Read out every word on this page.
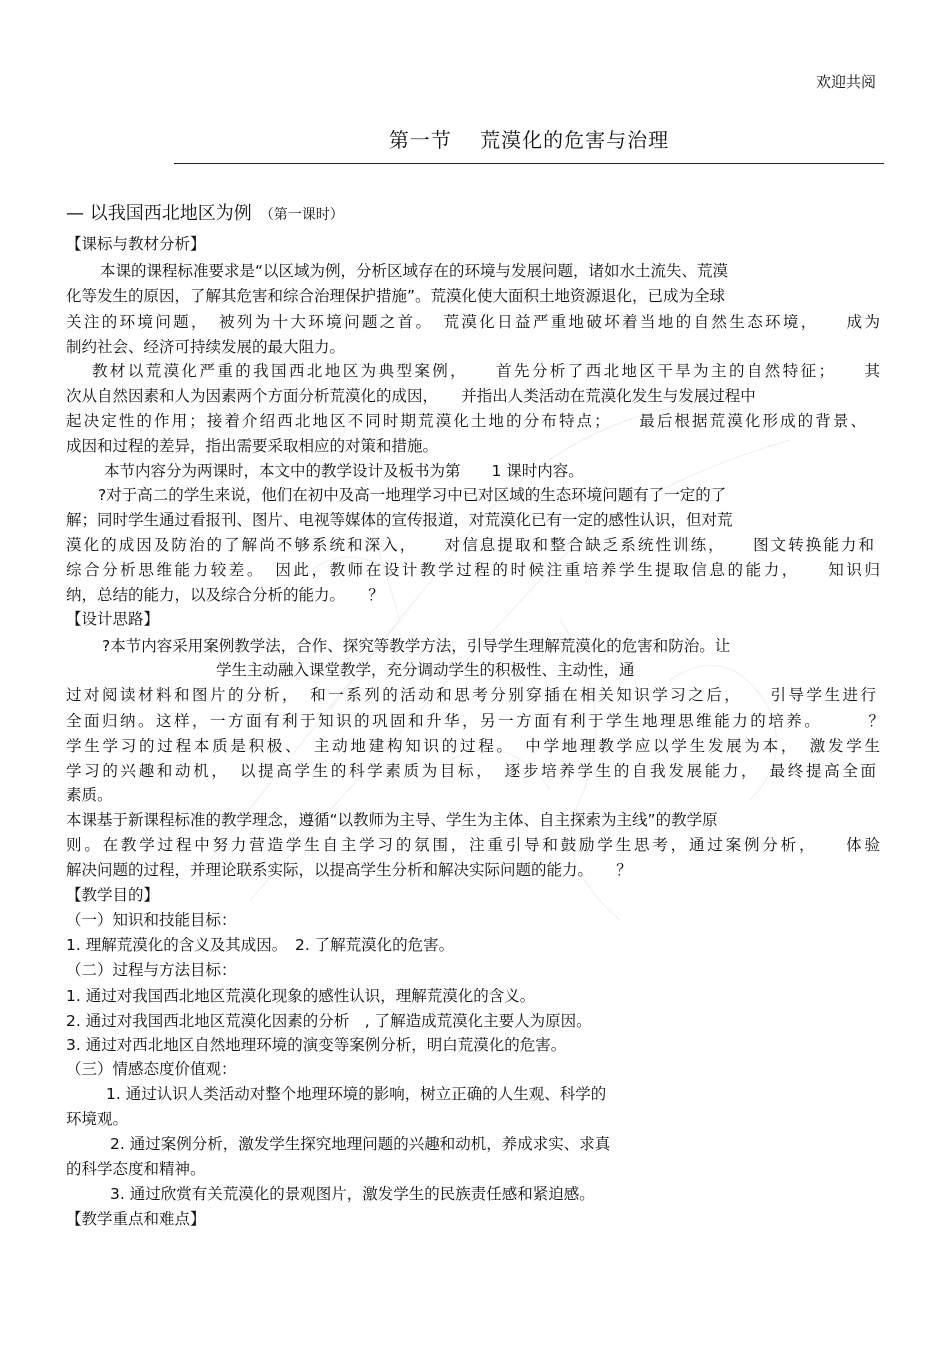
欢迎共阅
第一节　 荒漠化的危害与治理
— 以我国西北地区为例 （第一课时）
【课标与教材分析】
本课的课程标准要求是“以区域为例，分析区域存在的环境与发展问题，诸如水土流失、荒漠
化等发生的原因，了解其危害和综合治理保护措施”。荒漠化使大面积土地资源退化，已成为全球
关注的环境问题，　被列为十大环境问题之首。　荒漠化日益严重地破坏着当地的自然生态环境，　　成为
制约社会、经济可持续发展的最大阻力。
教材以荒漠化严重的我国西北地区为典型案例，　　首先分析了西北地区干旱为主的自然特征；　　其
次从自然因素和人为因素两个方面分析荒漠化的成因，　　并指出人类活动在荒漠化发生与发展过程中
起决定性的作用；接着介绍西北地区不同时期荒漠化土地的分布特点；　　最后根据荒漠化形成的背景、
成因和过程的差异，指出需要采取相应的对策和措施。
本节内容分为两课时，本文中的教学设计及板书为第　　1 课时内容。
?对于高二的学生来说，他们在初中及高一地理学习中已对区域的生态环境问题有了一定的了
解；同时学生通过看报刊、图片、电视等媒体的宣传报道，对荒漠化已有一定的感性认识，但对荒
漠化的成因及防治的了解尚不够系统和深入，　　对信息提取和整合缺乏系统性训练，　　图文转换能力和
综合分析思维能力较差。　因此，教师在设计教学过程的时候注重培养学生提取信息的能力，　　知识归
纳，总结的能力，以及综合分析的能力。　　？
【设计思路】
?本节内容采用案例教学法，合作、探究等教学方法，引导学生理解荒漠化的危害和防治。让
学生主动融入课堂教学，充分调动学生的积极性、主动性，通
过对阅读材料和图片的分析，　和一系列的活动和思考分别穿插在相关知识学习之后，　　引导学生进行
全面归纳。这样，一方面有利于知识的巩固和升华，另一方面有利于学生地理思维能力的培养。　　　？
学生学习的过程本质是积极、　主动地建构知识的过程。　中学地理教学应以学生发展为本，　激发学生
学习的兴趣和动机，　以提高学生的科学素质为目标，　逐步培养学生的自我发展能力，　最终提高全面
素质。
本课基于新课程标准的教学理念，遵循“以教师为主导、学生为主体、自主探索为主线”的教学原
则。在教学过程中努力营造学生自主学习的氛围，注重引导和鼓励学生思考，通过案例分析，　　体验
解决问题的过程，并理论联系实际，以提高学生分析和解决实际问题的能力。　　？
【教学目的】
（一）知识和技能目标：
1. 理解荒漠化的含义及其成因。　2. 了解荒漠化的危害。
（二）过程与方法目标：
1. 通过对我国西北地区荒漠化现象的感性认识，理解荒漠化的含义。
2. 通过对我国西北地区荒漠化因素的分析　, 了解造成荒漠化主要人为原因。
3. 通过对西北地区自然地理环境的演变等案例分析，明白荒漠化的危害。
（三）情感态度价值观：
1. 通过认识人类活动对整个地理环境的影响，树立正确的人生观、科学的
环境观。
2. 通过案例分析，激发学生探究地理问题的兴趣和动机，养成求实、求真
的科学态度和精神。
3. 通过欣赏有关荒漠化的景观图片，激发学生的民族责任感和紧迫感。
【教学重点和难点】
